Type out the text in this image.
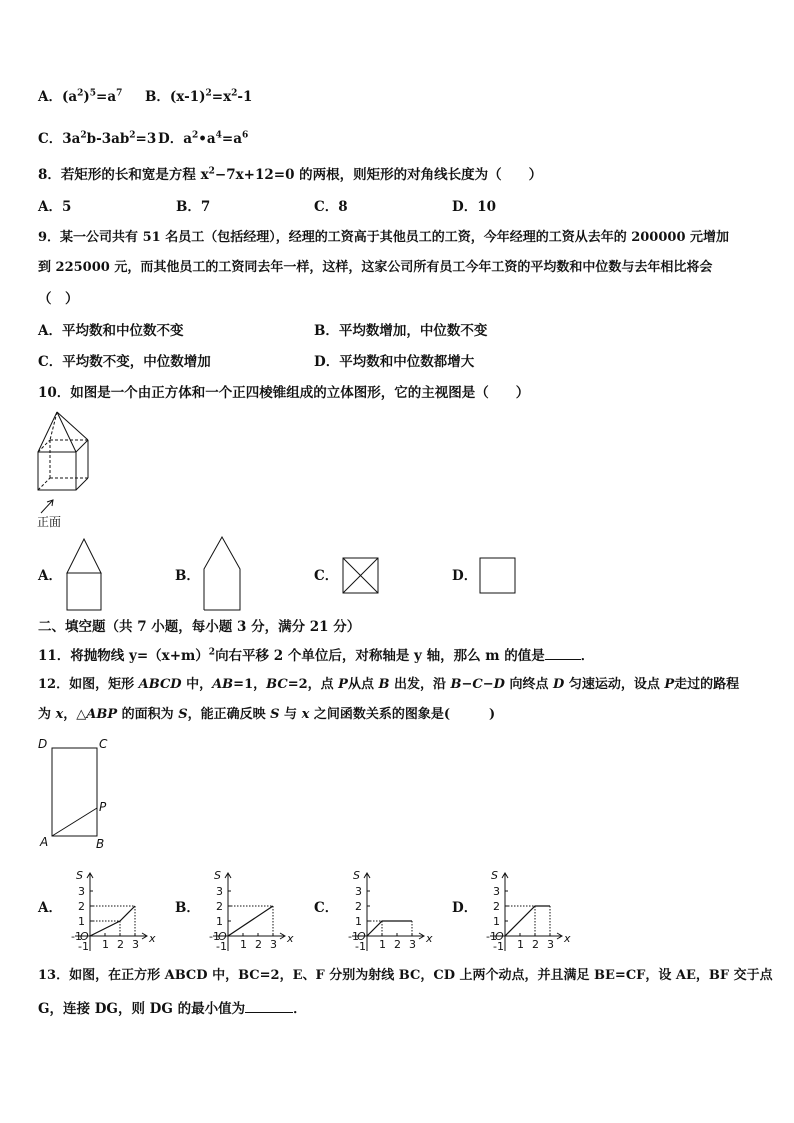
A．$(a^2)^5=a^7$ B．$(x-1)^2=x^2-1$
C．$3a^2b-3ab^2=3$ D．$a^2•a^4=a^6$
8．若矩形的长和宽是方程 $x^2-7x+12=0$ 的两根，则矩形的对角线长度为（　　）
A．5	B．7	C．8	D．10
9．某一公司共有 51 名员工（包括经理），经理的工资高于其他员工的工资，今年经理的工资从去年的 200000 元增加
到 225000 元，而其他员工的工资同去年一样，这样，这家公司所有员工今年工资的平均数和中位数与去年相比将会
（　）
A．平均数和中位数不变	B．平均数增加，中位数不变
C．平均数不变，中位数增加	D．平均数和中位数都增大
10．如图是一个由正方体和一个正四棱锥组成的立体图形，它的主视图是（　　）
正面
A．	B．	C．	D．
二、填空题（共 7 小题，每小题 3 分，满分 21 分）
11．将抛物线 $y=(x+m)^2$向右平移 2 个单位后，对称轴是 y 轴，那么 m 的值是	．
12．如图，矩形 ABCD 中，AB=1，BC=2，点 P从点 B 出发，沿 B−C−D 向终点 D 匀速运动，设点 P走过的路程
为 x，△ABP 的面积为 S，能正确反映 S 与 x 之间函数关系的图象是(　　　)
D	C
P
A	B
A．	B．	C．	D．
-1
-1
O
1 2 3
1
2
3
S
x	-1
-1
O
1 2 3
1
2
3
S
x	-1
-1
O
1 2 3
1
2
3
S
x	-1
-1
O
1 2 3
1
2
3
S
x
13．如图，在正方形 ABCD 中，BC=2，E、F 分别为射线 BC，CD 上两个动点，并且满足 BE=CF，设 AE，BF 交于点
G，连接 DG，则 DG 的最小值为	．
